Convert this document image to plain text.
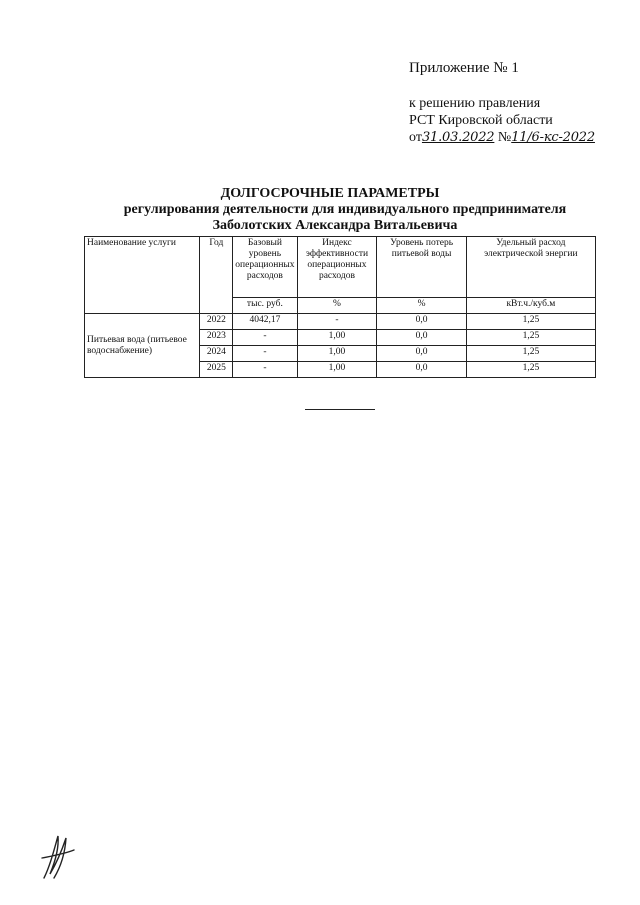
Приложение № 1
к решению правления
РСТ Кировской области
от31.03.2022 №11/6-кс-2022
ДОЛГОСРОЧНЫЕ ПАРАМЕТРЫ
регулирования деятельности для индивидуального предпринимателя
Заболотских Александра Витальевича
Наименование услуги	Год	Базовый уровень операционных расходов	Индекс эффективности операционных расходов	Уровень потерь питьевой воды	Удельный расход электрической энергии
		тыс. руб.	%	%	кВт.ч./куб.м
Питьевая вода (питьевое водоснабжение)	2022	4042,17	-	0,0	1,25
	2023	-	1,00	0,0	1,25
	2024	-	1,00	0,0	1,25
	2025	-	1,00	0,0	1,25
